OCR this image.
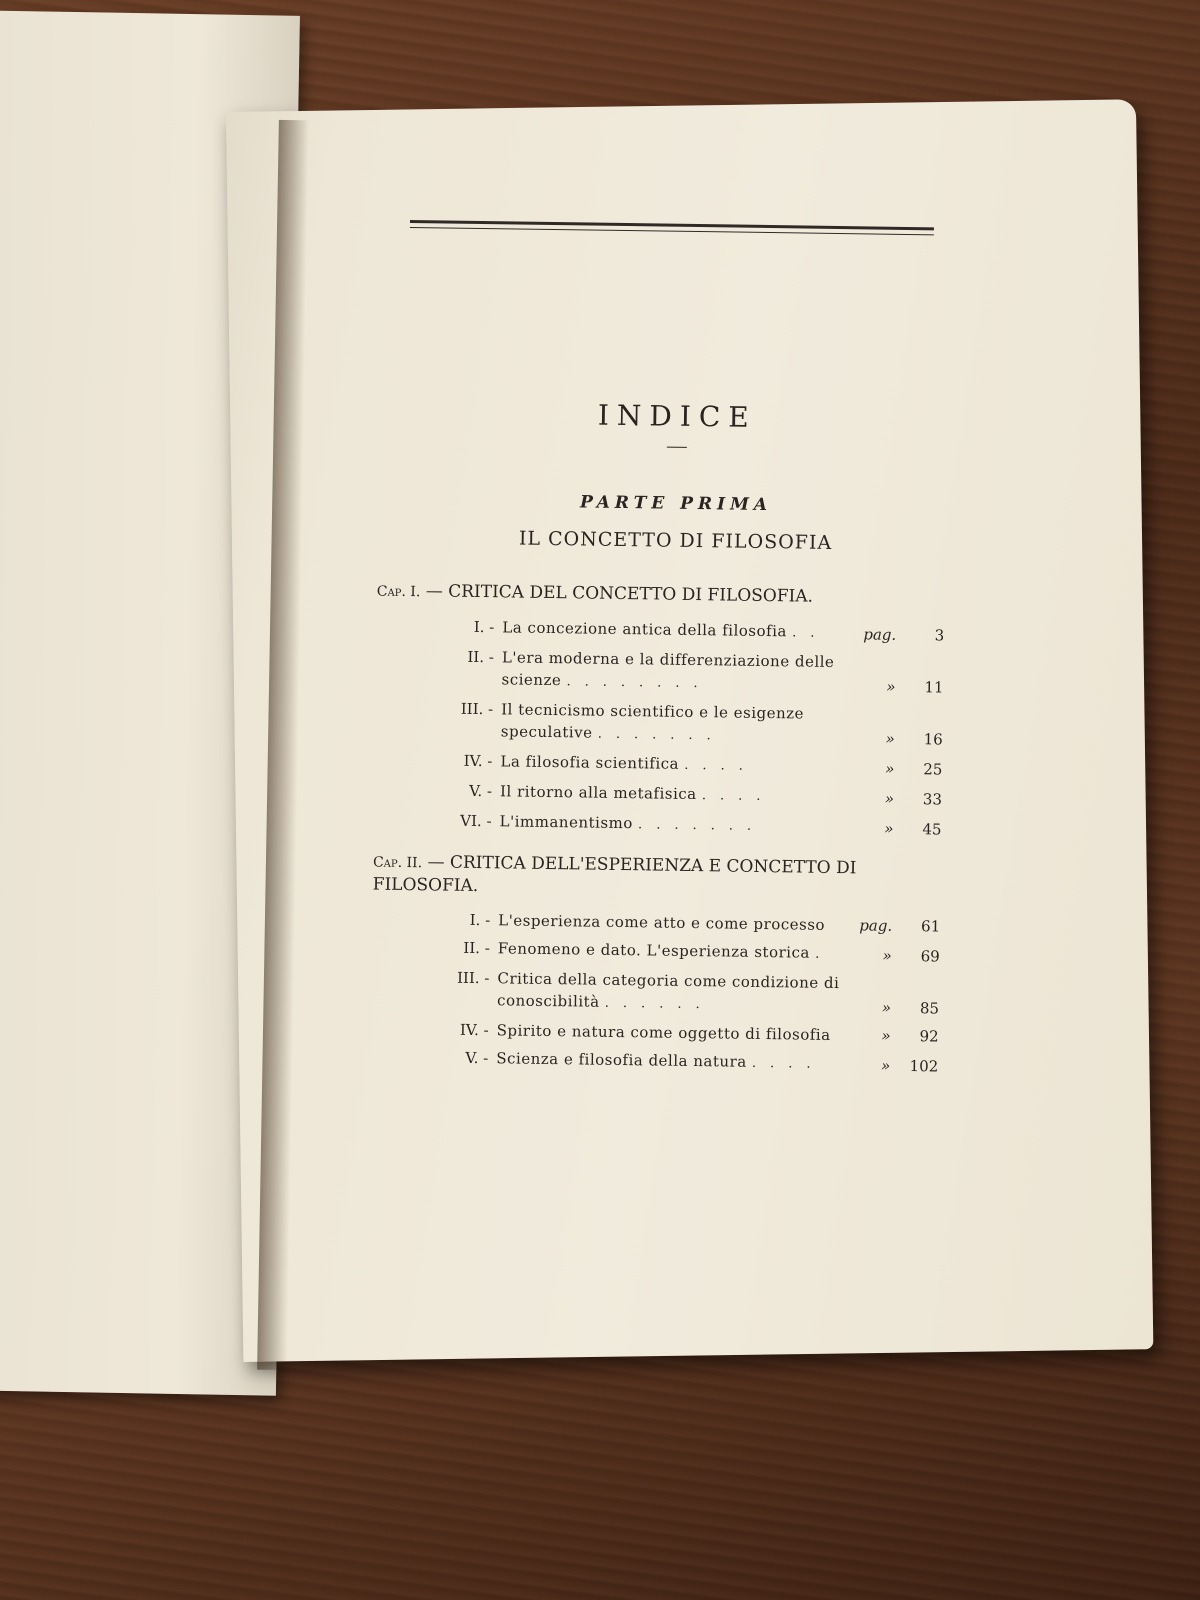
INDICE
PARTE PRIMA
IL CONCETTO DI FILOSOFIA
Cap. I. — CRITICA DEL CONCETTO DI FILOSOFIA.
I. - La concezione antica della filosofia ..	pag.	3
II. - L'era moderna e la differenziazione delle scienze ........	»	11
III. - Il tecnicismo scientifico e le esigenze speculative .......	»	16
IV. - La filosofia scientifica ....	»	25
V. - Il ritorno alla metafisica ....	»	33
VI. - L'immanentismo .......	»	45
Cap. II. — CRITICA DELL'ESPERIENZA E CONCETTO DI FILOSOFIA.
I. - L'esperienza come atto e come processo	pag.	61
II. - Fenomeno e dato. L'esperienza storica .	»	69
III. - Critica della categoria come condizione di conoscibilità ......	»	85
IV. - Spirito e natura come oggetto di filosofia	»	92
V. - Scienza e filosofia della natura ....	»	102
